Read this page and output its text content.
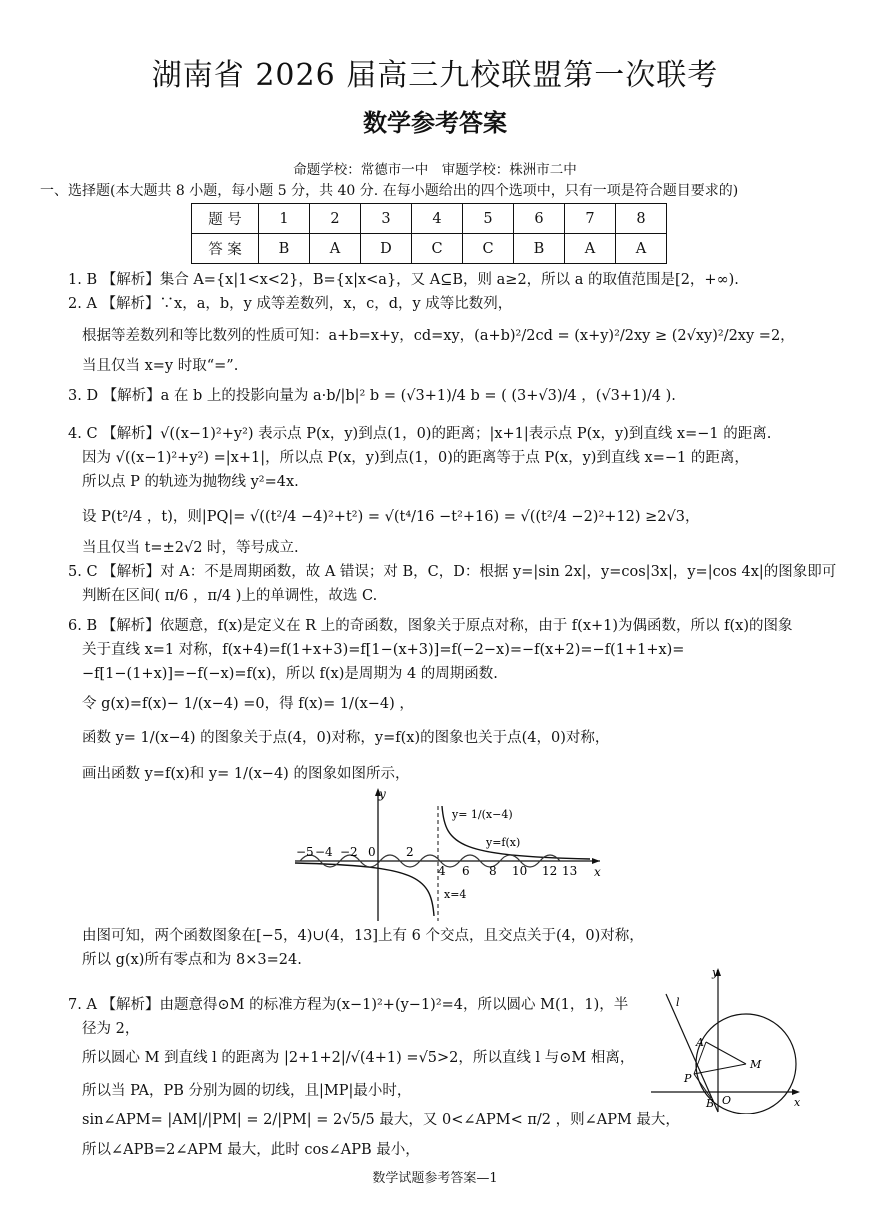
湖南省 2026 届高三九校联盟第一次联考
数学参考答案
命题学校：常德市一中　审题学校：株洲市二中
一、选择题(本大题共 8 小题，每小题 5 分，共 40 分. 在每小题给出的四个选项中，只有一项是符合题目要求的)
题 号	1	2	3	4	5	6	7	8
答 案	B	A	D	C	C	B	A	A
1. B 【解析】集合 A={x|1<x<2}，B={x|x<a}，又 A⊆B，则 a≥2，所以 a 的取值范围是[2，+∞).
2. A 【解析】∵x，a，b，y 成等差数列，x，c，d，y 成等比数列，
根据等差数列和等比数列的性质可知：a+b=x+y，cd=xy，(a+b)²/2cd = (x+y)²/2xy ≥ (2√xy)²/2xy =2，
当且仅当 x=y 时取“=”.
3. D 【解析】a 在 b 上的投影向量为 a·b/|b|² b = (√3+1)/4 b = ( (3+√3)/4 ，(√3+1)/4 ).
4. C 【解析】√((x−1)²+y²) 表示点 P(x，y)到点(1，0)的距离；|x+1|表示点 P(x，y)到直线 x=−1 的距离.
因为 √((x−1)²+y²) =|x+1|，所以点 P(x，y)到点(1，0)的距离等于点 P(x，y)到直线 x=−1 的距离，
所以点 P 的轨迹为抛物线 y²=4x.
设 P(t²/4 ，t)，则|PQ|= √((t²/4 −4)²+t²) = √(t⁴/16 −t²+16) = √((t²/4 −2)²+12) ≥2√3，
当且仅当 t=±2√2 时，等号成立.
5. C 【解析】对 A：不是周期函数，故 A 错误；对 B，C，D：根据 y=|sin 2x|，y=cos|3x|，y=|cos 4x|的图象即可
判断在区间( π/6 ，π/4 )上的单调性，故选 C.
6. B 【解析】依题意，f(x)是定义在 R 上的奇函数，图象关于原点对称，由于 f(x+1)为偶函数，所以 f(x)的图象
关于直线 x=1 对称，f(x+4)=f(1+x+3)=f[1−(x+3)]=f(−2−x)=−f(x+2)=−f(1+1+x)=
−f[1−(1+x)]=−f(−x)=f(x)，所以 f(x)是周期为 4 的周期函数.
令 g(x)=f(x)− 1/(x−4) =0，得 f(x)= 1/(x−4) ，
函数 y= 1/(x−4) 的图象关于点(4，0)对称，y=f(x)的图象也关于点(4，0)对称，
画出函数 y=f(x)和 y= 1/(x−4) 的图象如图所示，
y
x
y= 1/(x−4)
y=f(x)
x=4
−5 −4 −2 0	2
4 6 8 10 12 13
由图可知，两个函数图象在[−5，4)∪(4，13]上有 6 个交点，且交点关于(4，0)对称，
所以 g(x)所有零点和为 8×3=24.
7. A 【解析】由题意得⊙M 的标准方程为(x−1)²+(y−1)²=4，所以圆心 M(1，1)，半
径为 2，
所以圆心 M 到直线 l 的距离为 |2+1+2|/√(4+1) =√5>2，所以直线 l 与⊙M 相离，
所以当 PA，PB 分别为圆的切线，且|MP|最小时，
sin∠APM= |AM|/|PM| = 2/|PM| = 2√5/5 最大，又 0<∠APM< π/2 ，则∠APM 最大，
所以∠APB=2∠APM 最大，此时 cos∠APB 最小，
y
l
A
M
P
B O	x
数学试题参考答案—1
